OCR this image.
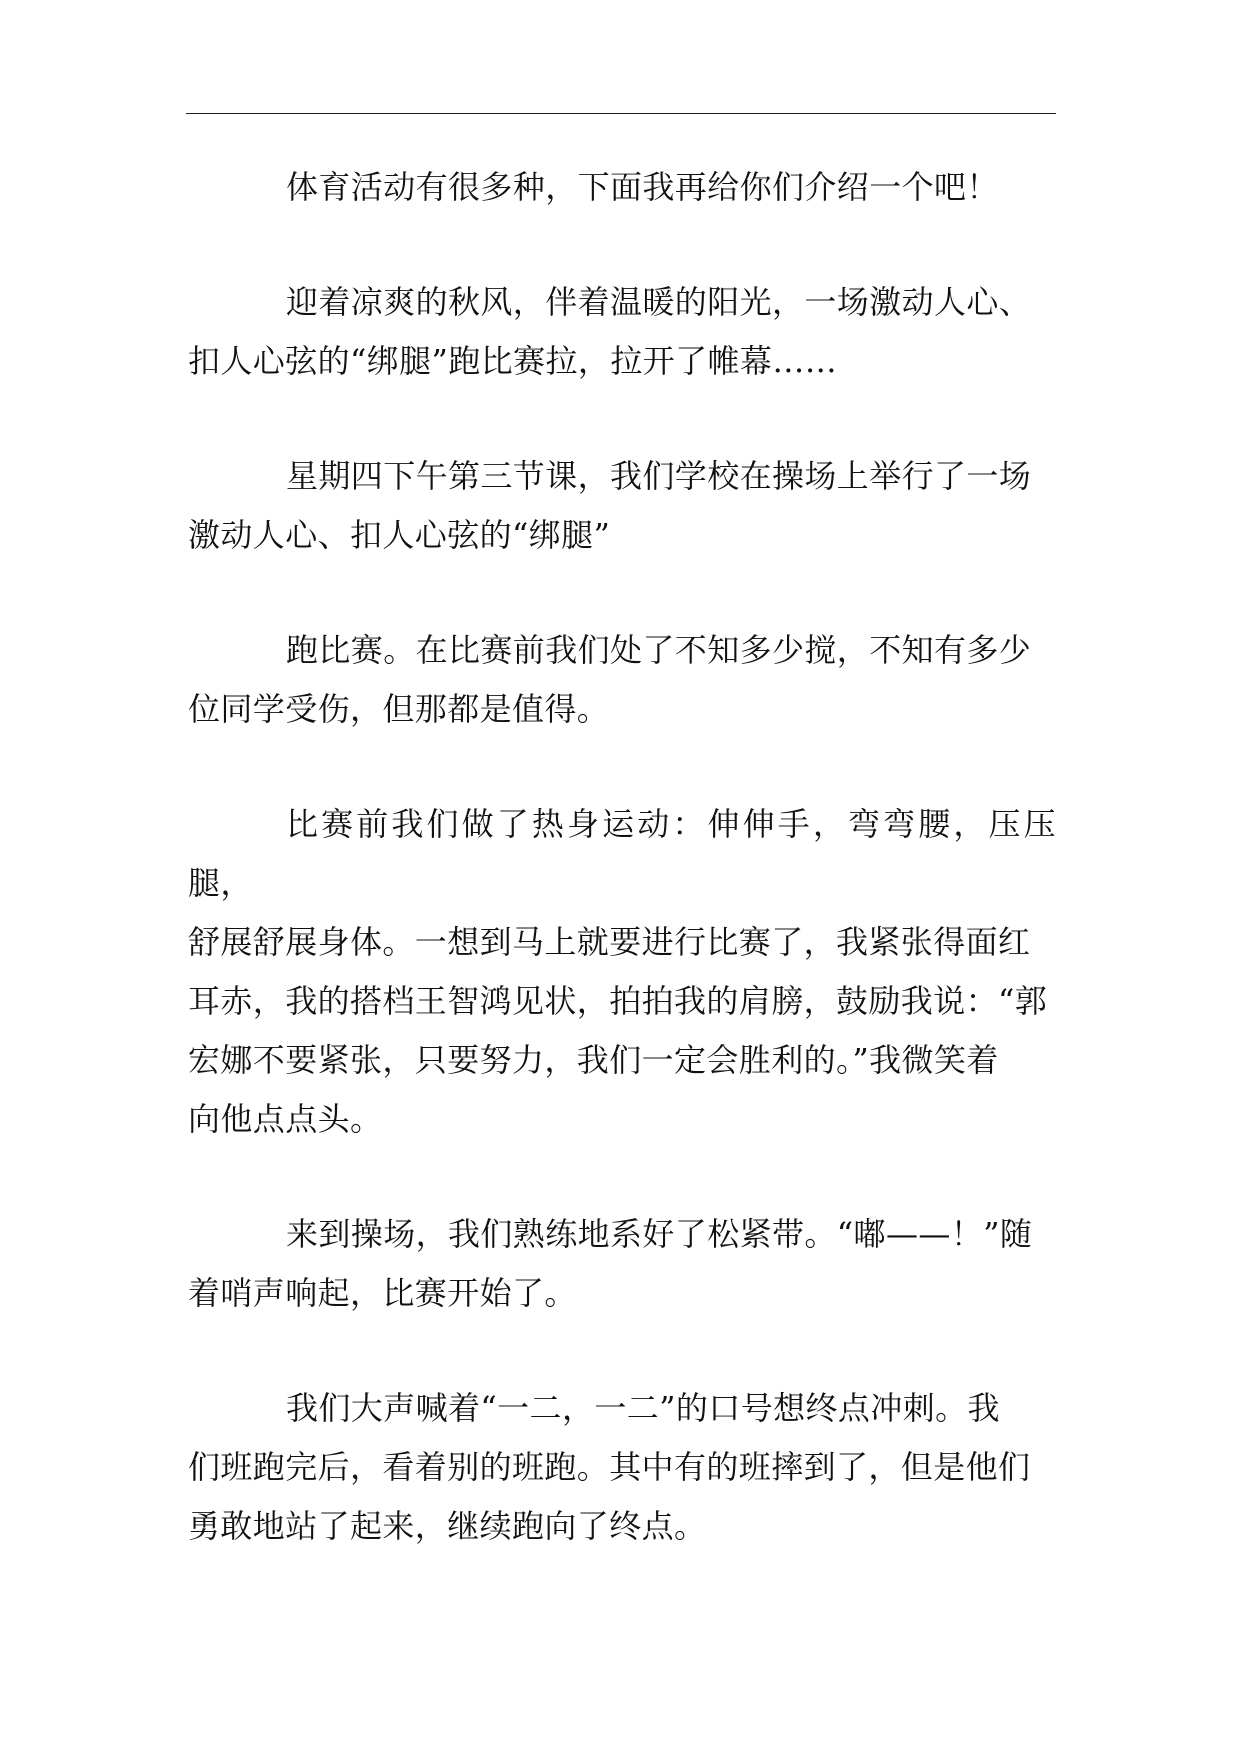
体育活动有很多种，下面我再给你们介绍一个吧！

迎着凉爽的秋风，伴着温暖的阳光，一场激动人心、
扣人心弦的“绑腿”跑比赛拉，拉开了帷幕……

星期四下午第三节课，我们学校在操场上举行了一场
激动人心、扣人心弦的“绑腿”

跑比赛。在比赛前我们处了不知多少搅，不知有多少
位同学受伤，但那都是值得。

比赛前我们做了热身运动：伸伸手，弯弯腰，压压腿，
舒展舒展身体。一想到马上就要进行比赛了，我紧张得面红
耳赤，我的搭档王智鸿见状，拍拍我的肩膀，鼓励我说：“郭
宏娜不要紧张，只要努力，我们一定会胜利的。”我微笑着
向他点点头。

来到操场，我们熟练地系好了松紧带。“嘟——！”随
着哨声响起，比赛开始了。

我们大声喊着“一二，一二”的口号想终点冲刺。我
们班跑完后，看着别的班跑。其中有的班摔到了，但是他们
勇敢地站了起来，继续跑向了终点。
